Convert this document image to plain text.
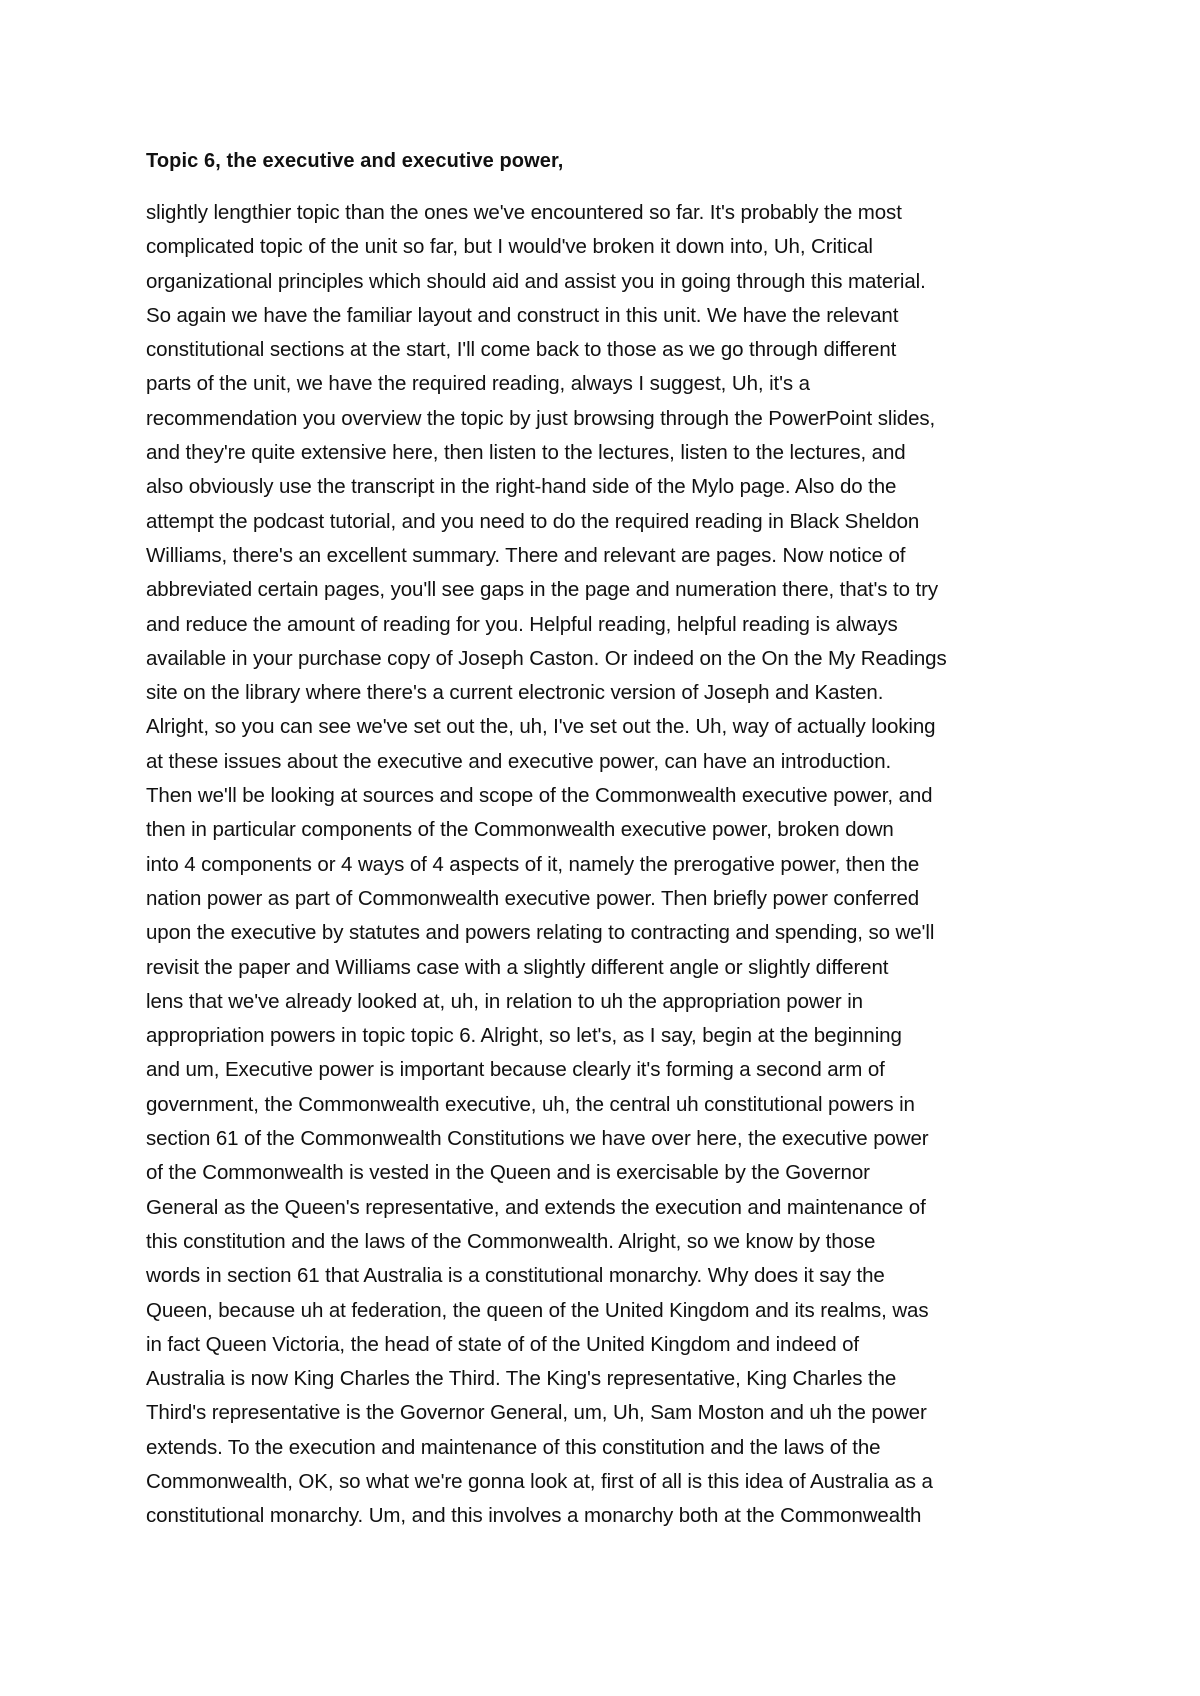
Topic 6, the executive and executive power,
slightly lengthier topic than the ones we've encountered so far. It's probably the most
complicated topic of the unit so far, but I would've broken it down into, Uh, Critical
organizational principles which should aid and assist you in going through this material.
So again we have the familiar layout and construct in this unit. We have the relevant
constitutional sections at the start, I'll come back to those as we go through different
parts of the unit, we have the required reading, always I suggest, Uh, it's a
recommendation you overview the topic by just browsing through the PowerPoint slides,
and they're quite extensive here, then listen to the lectures, listen to the lectures, and
also obviously use the transcript in the right-hand side of the Mylo page. Also do the
attempt the podcast tutorial, and you need to do the required reading in Black Sheldon
Williams, there's an excellent summary. There and relevant are pages. Now notice of
abbreviated certain pages, you'll see gaps in the page and numeration there, that's to try
and reduce the amount of reading for you. Helpful reading, helpful reading is always
available in your purchase copy of Joseph Caston. Or indeed on the On the My Readings
site on the library where there's a current electronic version of Joseph and Kasten.
Alright, so you can see we've set out the, uh, I've set out the. Uh, way of actually looking
at these issues about the executive and executive power, can have an introduction.
Then we'll be looking at sources and scope of the Commonwealth executive power, and
then in particular components of the Commonwealth executive power, broken down
into 4 components or 4 ways of 4 aspects of it, namely the prerogative power, then the
nation power as part of Commonwealth executive power. Then briefly power conferred
upon the executive by statutes and powers relating to contracting and spending, so we'll
revisit the paper and Williams case with a slightly different angle or slightly different
lens that we've already looked at, uh, in relation to uh the appropriation power in
appropriation powers in topic topic 6. Alright, so let's, as I say, begin at the beginning
and um, Executive power is important because clearly it's forming a second arm of
government, the Commonwealth executive, uh, the central uh constitutional powers in
section 61 of the Commonwealth Constitutions we have over here, the executive power
of the Commonwealth is vested in the Queen and is exercisable by the Governor
General as the Queen's representative, and extends the execution and maintenance of
this constitution and the laws of the Commonwealth. Alright, so we know by those
words in section 61 that Australia is a constitutional monarchy. Why does it say the
Queen, because uh at federation, the queen of the United Kingdom and its realms, was
in fact Queen Victoria, the head of state of of the United Kingdom and indeed of
Australia is now King Charles the Third. The King's representative, King Charles the
Third's representative is the Governor General, um, Uh, Sam Moston and uh the power
extends. To the execution and maintenance of this constitution and the laws of the
Commonwealth, OK, so what we're gonna look at, first of all is this idea of Australia as a
constitutional monarchy. Um, and this involves a monarchy both at the Commonwealth
